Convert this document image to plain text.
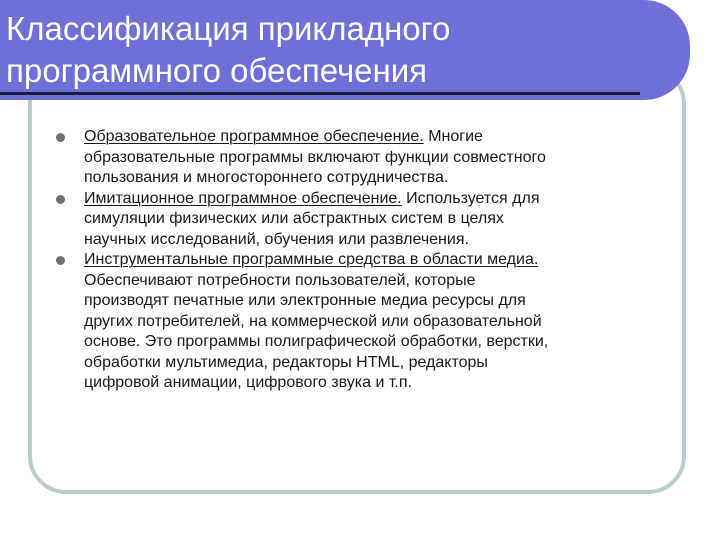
Классификация прикладного
программного обеспечения
Образовательное программное обеспечение. Многие
образовательные программы включают функции совместного
пользования и многостороннего сотрудничества.
Имитационное программное обеспечение. Используется для
симуляции физических или абстрактных систем в целях
научных исследований, обучения или развлечения.
Инструментальные программные средства в области медиа.
Обеспечивают потребности пользователей, которые
производят печатные или электронные медиа ресурсы для
других потребителей, на коммерческой или образовательной
основе. Это программы полиграфической обработки, верстки,
обработки мультимедиа, редакторы HTML, редакторы
цифровой анимации, цифрового звука и т.п.
